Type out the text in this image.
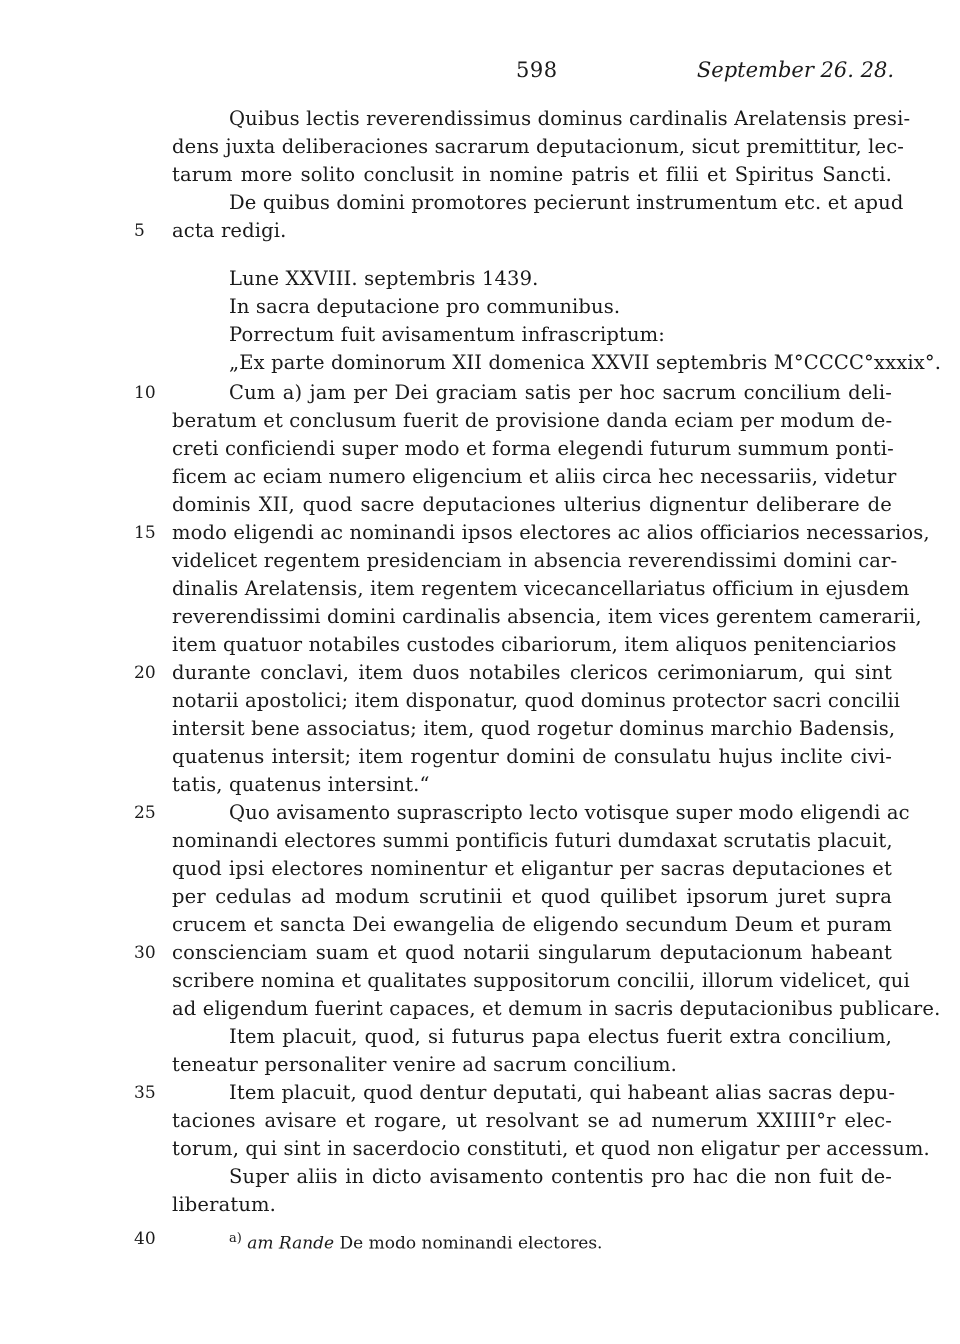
598	September 26. 28.
Quibus lectis reverendissimus dominus cardinalis Arelatensis presi-
dens juxta deliberaciones sacrarum deputacionum, sicut premittitur, lec-
tarum more solito conclusit in nomine patris et filii et Spiritus Sancti.
De quibus domini promotores pecierunt instrumentum etc. et apud
acta redigi.
Lune XXVIII. septembris 1439.
In sacra deputacione pro communibus.
Porrectum fuit avisamentum infrascriptum:
„Ex parte dominorum XII domenica XXVII septembris M°CCCC°xxxix°.
Cum a) jam per Dei graciam satis per hoc sacrum concilium deli-
beratum et conclusum fuerit de provisione danda eciam per modum de-
creti conficiendi super modo et forma elegendi futurum summum ponti-
ficem ac eciam numero eligencium et aliis circa hec necessariis, videtur
dominis XII, quod sacre deputaciones ulterius dignentur deliberare de
modo eligendi ac nominandi ipsos electores ac alios officiarios necessarios,
videlicet regentem presidenciam in absencia reverendissimi domini car-
dinalis Arelatensis, item regentem vicecancellariatus officium in ejusdem
reverendissimi domini cardinalis absencia, item vices gerentem camerarii,
item quatuor notabiles custodes cibariorum, item aliquos penitenciarios
durante conclavi, item duos notabiles clericos cerimoniarum, qui sint
notarii apostolici; item disponatur, quod dominus protector sacri concilii
intersit bene associatus; item, quod rogetur dominus marchio Badensis,
quatenus intersit; item rogentur domini de consulatu hujus inclite civi-
tatis, quatenus intersint.“
Quo avisamento suprascripto lecto votisque super modo eligendi ac
nominandi electores summi pontificis futuri dumdaxat scrutatis placuit,
quod ipsi electores nominentur et eligantur per sacras deputaciones et
per cedulas ad modum scrutinii et quod quilibet ipsorum juret supra
crucem et sancta Dei ewangelia de eligendo secundum Deum et puram
conscienciam suam et quod notarii singularum deputacionum habeant
scribere nomina et qualitates suppositorum concilii, illorum videlicet, qui
ad eligendum fuerint capaces, et demum in sacris deputacionibus publicare.
Item placuit, quod, si futurus papa electus fuerit extra concilium,
teneatur personaliter venire ad sacrum concilium.
Item placuit, quod dentur deputati, qui habeant alias sacras depu-
taciones avisare et rogare, ut resolvant se ad numerum XXIIII°r elec-
torum, qui sint in sacerdocio constituti, et quod non eligatur per accessum.
Super aliis in dicto avisamento contentis pro hac die non fuit de-
liberatum.
5
10
15
20
25
30
35
40	$^{a)}$ am Rande De modo nominandi electores.
